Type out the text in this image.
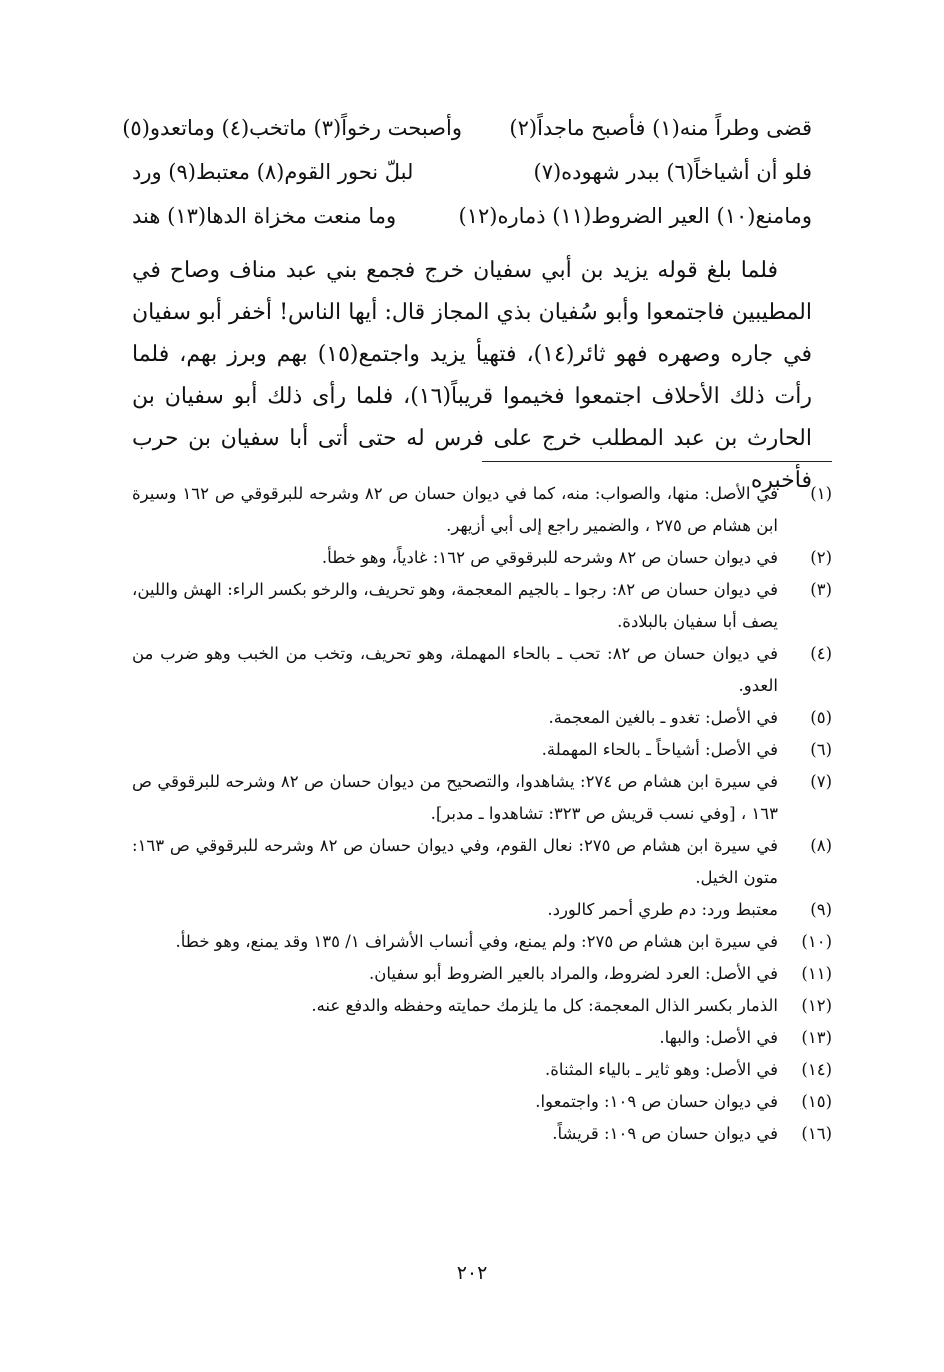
قضى وطراً منه(١) فأصبح ماجداً(٢)
وأصبحت رخواً(٣) ماتخب(٤) وماتعدو(٥)
فلو أن أشياخاً(٦) ببدر شهوده(٧)
لبلّ نحور القوم(٨) معتبط(٩) ورد
ومامنع(١٠) العير الضروط(١١) ذماره(١٢)
وما منعت مخزاة الدها(١٣) هند

فلما بلغ قوله يزيد بن أبي سفيان خرج فجمع بني عبد مناف وصاح في المطيبين فاجتمعوا وأبو سُفيان بذي المجاز قال: أيها الناس! أخفر أبو سفيان في جاره وصهره فهو ثائر(١٤)، فتهيأ يزيد واجتمع(١٥) بهم وبرز بهم، فلما رأت ذلك الأحلاف اجتمعوا فخيموا قريباً(١٦)، فلما رأى ذلك أبو سفيان بن الحارث بن عبد المطلب خرج على فرس له حتى أتى أبا سفيان بن حرب فأخبره

(١)
في الأصل: منها، والصواب: منه، كما في ديوان حسان ص ٨٢ وشرحه للبرقوقي ص ١٦٢ وسيرة ابن هشام ص ٢٧٥ ، والضمير راجع إلى أبي أزيهر.
(٢)
في ديوان حسان ص ٨٢ وشرحه للبرقوقي ص ١٦٢: غادياً، وهو خطأ.
(٣)
في ديوان حسان ص ٨٢: رجوا ـ بالجيم المعجمة، وهو تحريف، والرخو بكسر الراء: الهش واللين، يصف أبا سفيان بالبلادة.
(٤)
في ديوان حسان ص ٨٢: تحب ـ بالحاء المهملة، وهو تحريف، وتخب من الخبب وهو ضرب من العدو.
(٥)
في الأصل: تغدو ـ بالغين المعجمة.
(٦)
في الأصل: أشياحاً ـ بالحاء المهملة.
(٧)
في سيرة ابن هشام ص ٢٧٤: يشاهدوا، والتصحيح من ديوان حسان ص ٨٢ وشرحه للبرقوقي ص ١٦٣ ، [وفي نسب قريش ص ٣٢٣: تشاهدوا ـ مدبر].
(٨)
في سيرة ابن هشام ص ٢٧٥: نعال القوم، وفي ديوان حسان ص ٨٢ وشرحه للبرقوقي ص ١٦٣: متون الخيل.
(٩)
معتبط ورد: دم طري أحمر كالورد.
(١٠)
في سيرة ابن هشام ص ٢٧٥: ولم يمنع، وفي أنساب الأشراف ١/ ١٣٥ وقد يمنع، وهو خطأ.
(١١)
في الأصل: العرد لضروط، والمراد بالعير الضروط أبو سفيان.
(١٢)
الذمار بكسر الذال المعجمة: كل ما يلزمك حمايته وحفظه والدفع عنه.
(١٣)
في الأصل: والبها.
(١٤)
في الأصل: وهو ثاير ـ بالياء المثناة.
(١٥)
في ديوان حسان ص ١٠٩: واجتمعوا.
(١٦)
في ديوان حسان ص ١٠٩: قريشاً.
٢٠٢
